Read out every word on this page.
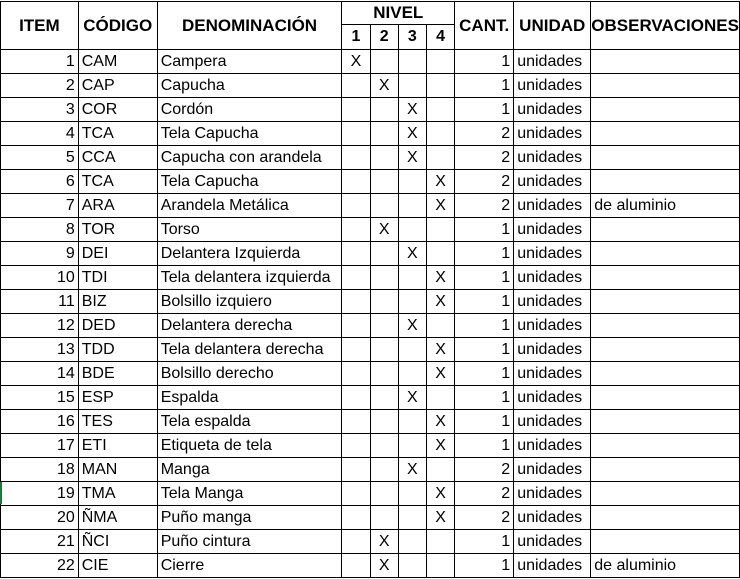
ITEM	CÓDIGO	DENOMINACIÓN	NIVEL				CANT.	UNIDAD	OBSERVACIONES
			1	2	3	4			
1	CAM	Campera	X				1	unidades	
2	CAP	Capucha		X			1	unidades	
3	COR	Cordón			X		1	unidades	
4	TCA	Tela Capucha			X		2	unidades	
5	CCA	Capucha con arandela			X		2	unidades	
6	TCA	Tela Capucha				X	2	unidades	
7	ARA	Arandela Metálica				X	2	unidades	de aluminio
8	TOR	Torso		X			1	unidades	
9	DEI	Delantera Izquierda			X		1	unidades	
10	TDI	Tela delantera izquierda				X	1	unidades	
11	BIZ	Bolsillo izquiero				X	1	unidades	
12	DED	Delantera derecha			X		1	unidades	
13	TDD	Tela delantera derecha				X	1	unidades	
14	BDE	Bolsillo derecho				X	1	unidades	
15	ESP	Espalda			X		1	unidades	
16	TES	Tela espalda				X	1	unidades	
17	ETI	Etiqueta de tela				X	1	unidades	
18	MAN	Manga			X		2	unidades	
19	TMA	Tela Manga				X	2	unidades	
20	ÑMA	Puño manga				X	2	unidades	
21	ÑCI	Puño cintura		X			1	unidades	
22	CIE	Cierre		X			1	unidades	de aluminio
